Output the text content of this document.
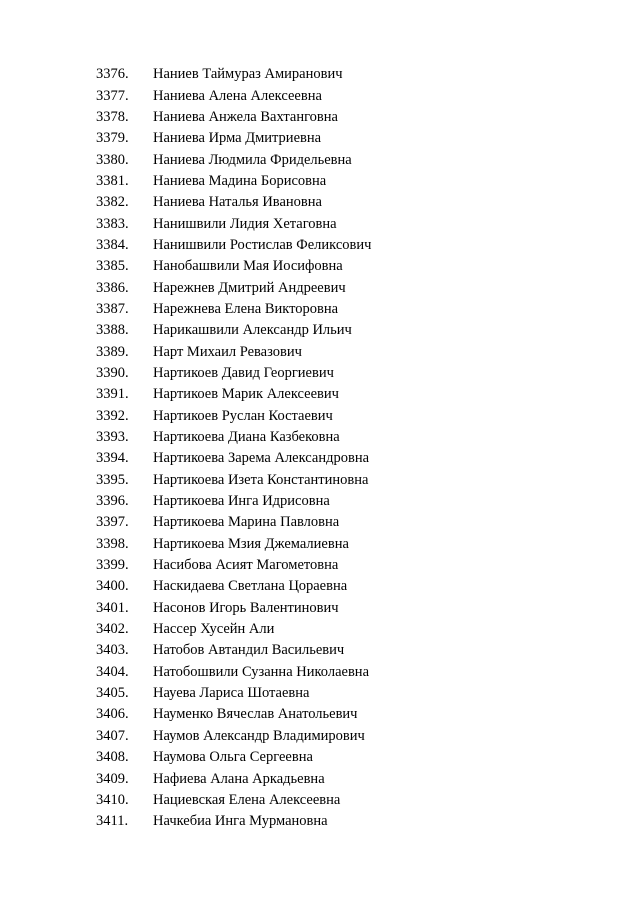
3376.	Наниев Таймураз Амиранович
3377.	Наниева Алена Алексеевна
3378.	Наниева Анжела Вахтанговна
3379.	Наниева Ирма Дмитриевна
3380.	Наниева Людмила Фридельевна
3381.	Наниева Мадина Борисовна
3382.	Наниева Наталья Ивановна
3383.	Нанишвили Лидия Хетаговна
3384.	Нанишвили Ростислав Феликсович
3385.	Нанобашвили Мая Иосифовна
3386.	Нарежнев Дмитрий Андреевич
3387.	Нарежнева Елена Викторовна
3388.	Нарикашвили Александр Ильич
3389.	Нарт Михаил Ревазович
3390.	Нартикоев Давид Георгиевич
3391.	Нартикоев Марик Алексеевич
3392.	Нартикоев Руслан Костаевич
3393.	Нартикоева Диана Казбековна
3394.	Нартикоева Зарема Александровна
3395.	Нартикоева Изета Константиновна
3396.	Нартикоева Инга Идрисовна
3397.	Нартикоева Марина Павловна
3398.	Нартикоева Мзия Джемалиевна
3399.	Насибова Асият Магометовна
3400.	Наскидаева Светлана Цораевна
3401.	Насонов Игорь Валентинович
3402.	Нассер Хусейн Али
3403.	Натобов Автандил Васильевич
3404.	Натобошвили Сузанна Николаевна
3405.	Науева Лариса Шотаевна
3406.	Науменко Вячеслав Анатольевич
3407.	Наумов Александр Владимирович
3408.	Наумова Ольга Сергеевна
3409.	Нафиева Алана Аркадьевна
3410.	Нациевская Елена Алексеевна
3411.	Начкебиа Инга Мурмановна
